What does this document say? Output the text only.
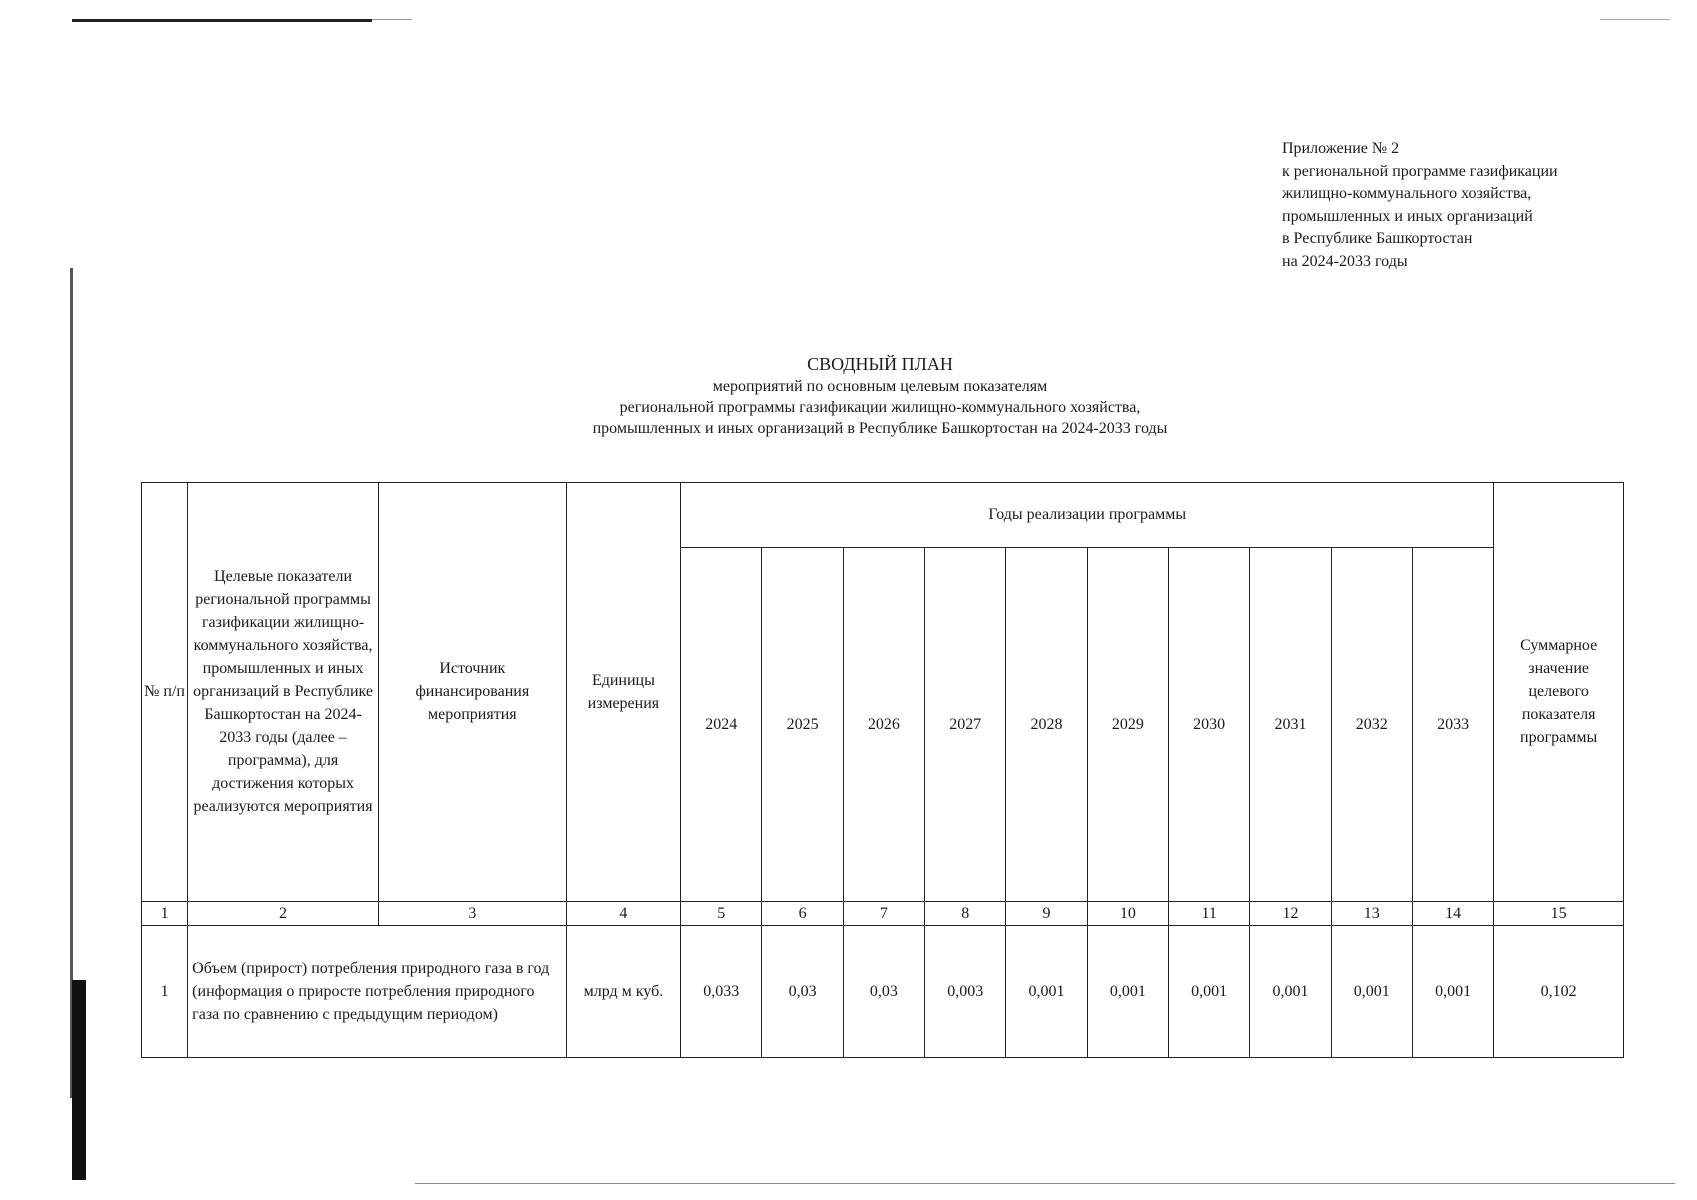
Приложение № 2
к региональной программе газификации
жилищно-коммунального хозяйства,
промышленных и иных организаций
в Республике Башкортостан
на 2024-2033 годы
СВОДНЫЙ ПЛАН
мероприятий по основным целевым показателям
региональной программы газификации жилищно-коммунального хозяйства,
промышленных и иных организаций в Республике Башкортостан на 2024-2033 годы
№ п/п	Целевые показатели региональной программы газификации жилищно-коммунального хозяйства, промышленных и иных организаций в Республике Башкортостан на 2024-2033 годы (далее – программа), для достижения которых реализуются мероприятия	Источник финансирования мероприятия	Единицы измерения	Годы реализации программы										Суммарное значение целевого показателя программы
				2024	2025	2026	2027	2028	2029	2030	2031	2032	2033	
1	2	3	4	5	6	7	8	9	10	11	12	13	14	15
1	Объем (прирост) потребления природного газа в год (информация о приросте потребления природного газа по сравнению с предыдущим периодом)		млрд м куб.	0,033	0,03	0,03	0,003	0,001	0,001	0,001	0,001	0,001	0,001	0,102
